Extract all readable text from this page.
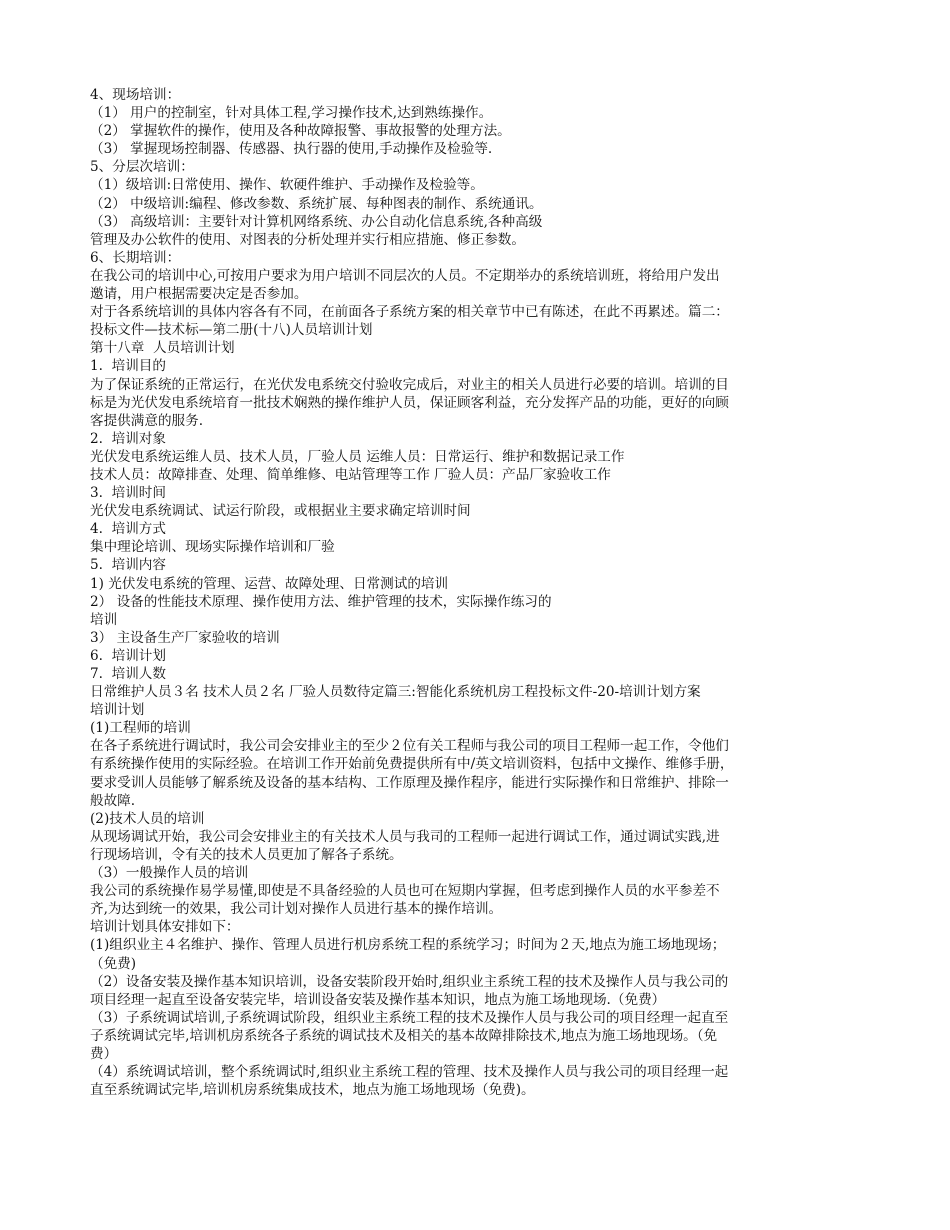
4、现场培训：
（1） 用户的控制室，针对具体工程,学习操作技术,达到熟练操作。
（2） 掌握软件的操作，使用及各种故障报警、事故报警的处理方法。
（3） 掌握现场控制器、传感器、执行器的使用,手动操作及检验等.
5、分层次培训：
（1）级培训:日常使用、操作、软硬件维护、手动操作及检验等。
（2） 中级培训:编程、修改参数、系统扩展、每种图表的制作、系统通讯。
（3） 高级培训：主要针对计算机网络系统、办公自动化信息系统,各种高级
管理及办公软件的使用、对图表的分析处理并实行相应措施、修正参数。
6、长期培训：
在我公司的培训中心,可按用户要求为用户培训不同层次的人员。不定期举办的系统培训班，将给用户发出
邀请，用户根据需要决定是否参加。
对于各系统培训的具体内容各有不同，在前面各子系统方案的相关章节中已有陈述，在此不再累述。篇二：
投标文件—技术标—第二册(十八)人员培训计划
第十八章  人员培训计划
1.  培训目的
为了保证系统的正常运行，在光伏发电系统交付验收完成后，对业主的相关人员进行必要的培训。培训的目
标是为光伏发电系统培育一批技术娴熟的操作维护人员，保证顾客利益，充分发挥产品的功能，更好的向顾
客提供满意的服务.
2.  培训对象
光伏发电系统运维人员、技术人员，厂验人员 运维人员：日常运行、维护和数据记录工作
技术人员：故障排查、处理、简单维修、电站管理等工作 厂验人员：产品厂家验收工作
3.  培训时间
光伏发电系统调试、试运行阶段，或根据业主要求确定培训时间
4.  培训方式
集中理论培训、现场实际操作培训和厂验
5.  培训内容
1) 光伏发电系统的管理、运营、故障处理、日常测试的培训
2） 设备的性能技术原理、操作使用方法、维护管理的技术，实际操作练习的
培训
3） 主设备生产厂家验收的培训
6.  培训计划
7.  培训人数
日常维护人员３名 技术人员２名 厂验人员数待定篇三:智能化系统机房工程投标文件-20-培训计划方案
培训计划
(1)工程师的培训
在各子系统进行调试时，我公司会安排业主的至少２位有关工程师与我公司的项目工程师一起工作，令他们
有系统操作使用的实际经验。在培训工作开始前免费提供所有中/英文培训资料，包括中文操作、维修手册，
要求受训人员能够了解系统及设备的基本结构、工作原理及操作程序，能进行实际操作和日常维护、排除一
般故障.
(2)技术人员的培训
从现场调试开始，我公司会安排业主的有关技术人员与我司的工程师一起进行调试工作，通过调试实践,进
行现场培训，令有关的技术人员更加了解各子系统。
（3）一般操作人员的培训
我公司的系统操作易学易懂,即使是不具备经验的人员也可在短期内掌握，但考虑到操作人员的水平参差不
齐,为达到统一的效果，我公司计划对操作人员进行基本的操作培训。
培训计划具体安排如下：
(1)组织业主４名维护、操作、管理人员进行机房系统工程的系统学习；时间为２天,地点为施工场地现场；
（免费)
（2）设备安装及操作基本知识培训，设备安装阶段开始时,组织业主系统工程的技术及操作人员与我公司的
项目经理一起直至设备安装完毕，培训设备安装及操作基本知识，地点为施工场地现场.（免费）
（3）子系统调试培训,子系统调试阶段，组织业主系统工程的技术及操作人员与我公司的项目经理一起直至
子系统调试完毕,培训机房系统各子系统的调试技术及相关的基本故障排除技术,地点为施工场地现场。（免
费）
（4）系统调试培训，整个系统调试时,组织业主系统工程的管理、技术及操作人员与我公司的项目经理一起
直至系统调试完毕,培训机房系统集成技术，地点为施工场地现场（免费)。
